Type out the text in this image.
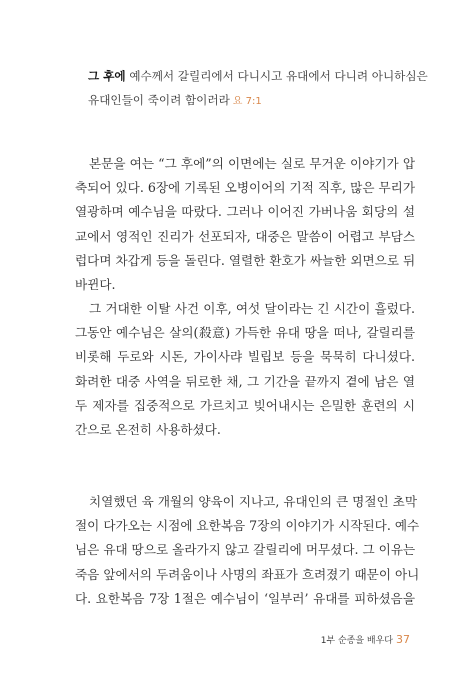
그 후에 예수께서 갈릴리에서 다니시고 유대에서 다니려 아니하심은
유대인들이 죽이려 함이러라 요 7:1
본문을 여는 “그 후에”의 이면에는 실로 무거운 이야기가 압
축되어 있다. 6장에 기록된 오병이어의 기적 직후, 많은 무리가
열광하며 예수님을 따랐다. 그러나 이어진 가버나움 회당의 설
교에서 영적인 진리가 선포되자, 대중은 말씀이 어렵고 부담스
럽다며 차갑게 등을 돌린다. 열렬한 환호가 싸늘한 외면으로 뒤
바뀐다.
그 거대한 이탈 사건 이후, 여섯 달이라는 긴 시간이 흘렀다.
그동안 예수님은 살의(殺意) 가득한 유대 땅을 떠나, 갈릴리를
비롯해 두로와 시돈, 가이사랴 빌립보 등을 묵묵히 다니셨다.
화려한 대중 사역을 뒤로한 채, 그 기간을 끝까지 곁에 남은 열
두 제자를 집중적으로 가르치고 빚어내시는 은밀한 훈련의 시
간으로 온전히 사용하셨다.
치열했던 육 개월의 양육이 지나고, 유대인의 큰 명절인 초막
절이 다가오는 시점에 요한복음 7장의 이야기가 시작된다. 예수
님은 유대 땅으로 올라가지 않고 갈릴리에 머무셨다. 그 이유는
죽음 앞에서의 두려움이나 사명의 좌표가 흐려졌기 때문이 아니
다. 요한복음 7장 1절은 예수님이 ‘일부러’ 유대를 피하셨음을
1부 순종을 배우다 37
